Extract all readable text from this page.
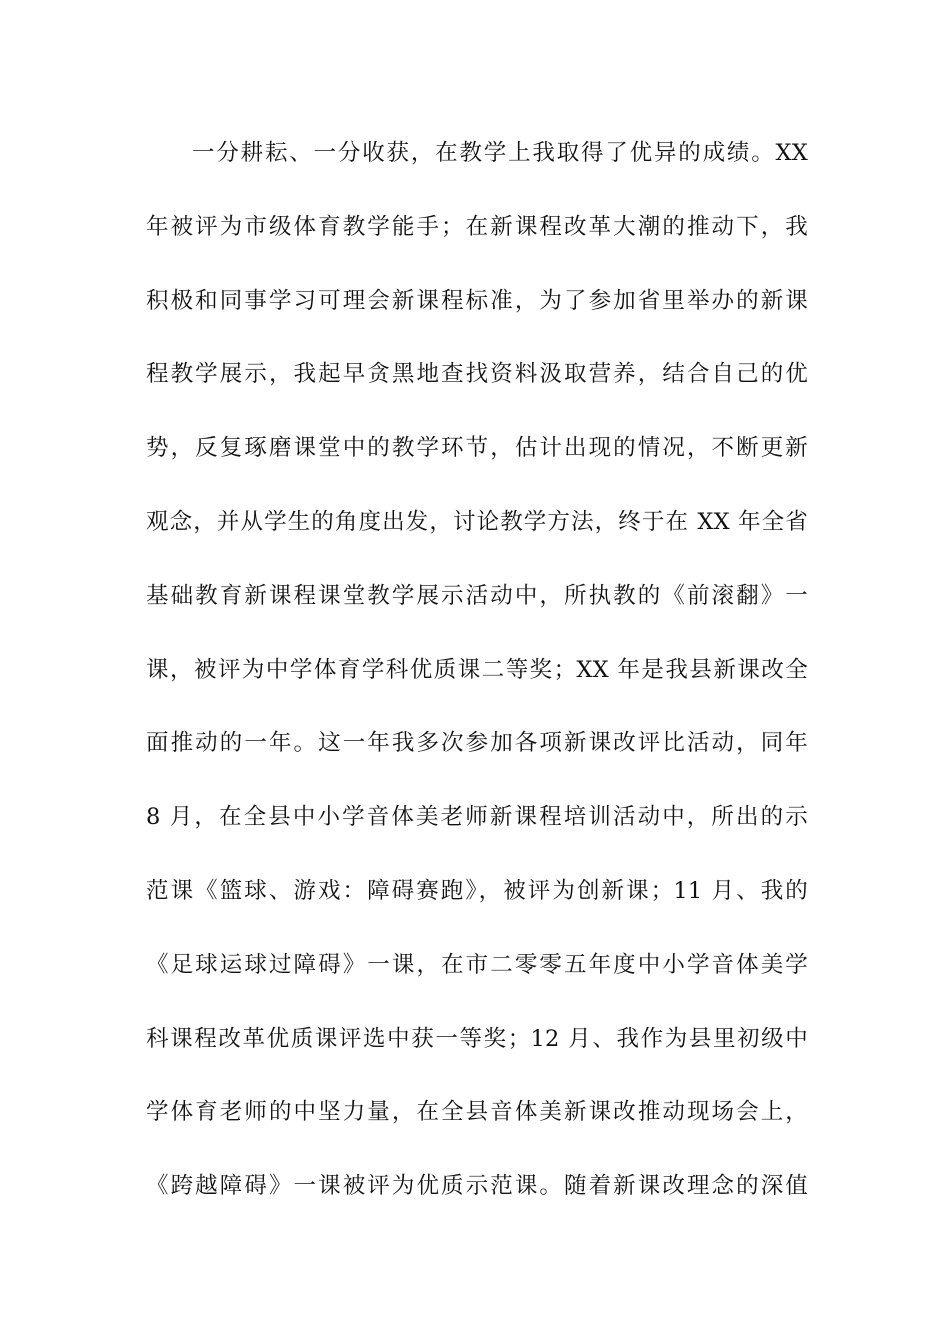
一分耕耘、一分收获，在教学上我取得了优异的成绩。XX
年被评为市级体育教学能手；在新课程改革大潮的推动下，我
积极和同事学习可理会新课程标准，为了参加省里举办的新课
程教学展示，我起早贪黑地查找资料汲取营养，结合自己的优
势，反复琢磨课堂中的教学环节，估计出现的情况，不断更新
观念，并从学生的角度出发，讨论教学方法，终于在 XX 年全省
基础教育新课程课堂教学展示活动中，所执教的《前滚翻》一
课，被评为中学体育学科优质课二等奖；XX 年是我县新课改全
面推动的一年。这一年我多次参加各项新课改评比活动，同年
8 月，在全县中小学音体美老师新课程培训活动中，所出的示
范课《篮球、游戏：障碍赛跑》，被评为创新课；11 月、我的
《足球运球过障碍》一课，在市二零零五年度中小学音体美学
科课程改革优质课评选中获一等奖；12 月、我作为县里初级中
学体育老师的中坚力量，在全县音体美新课改推动现场会上，
《跨越障碍》一课被评为优质示范课。随着新课改理念的深值
